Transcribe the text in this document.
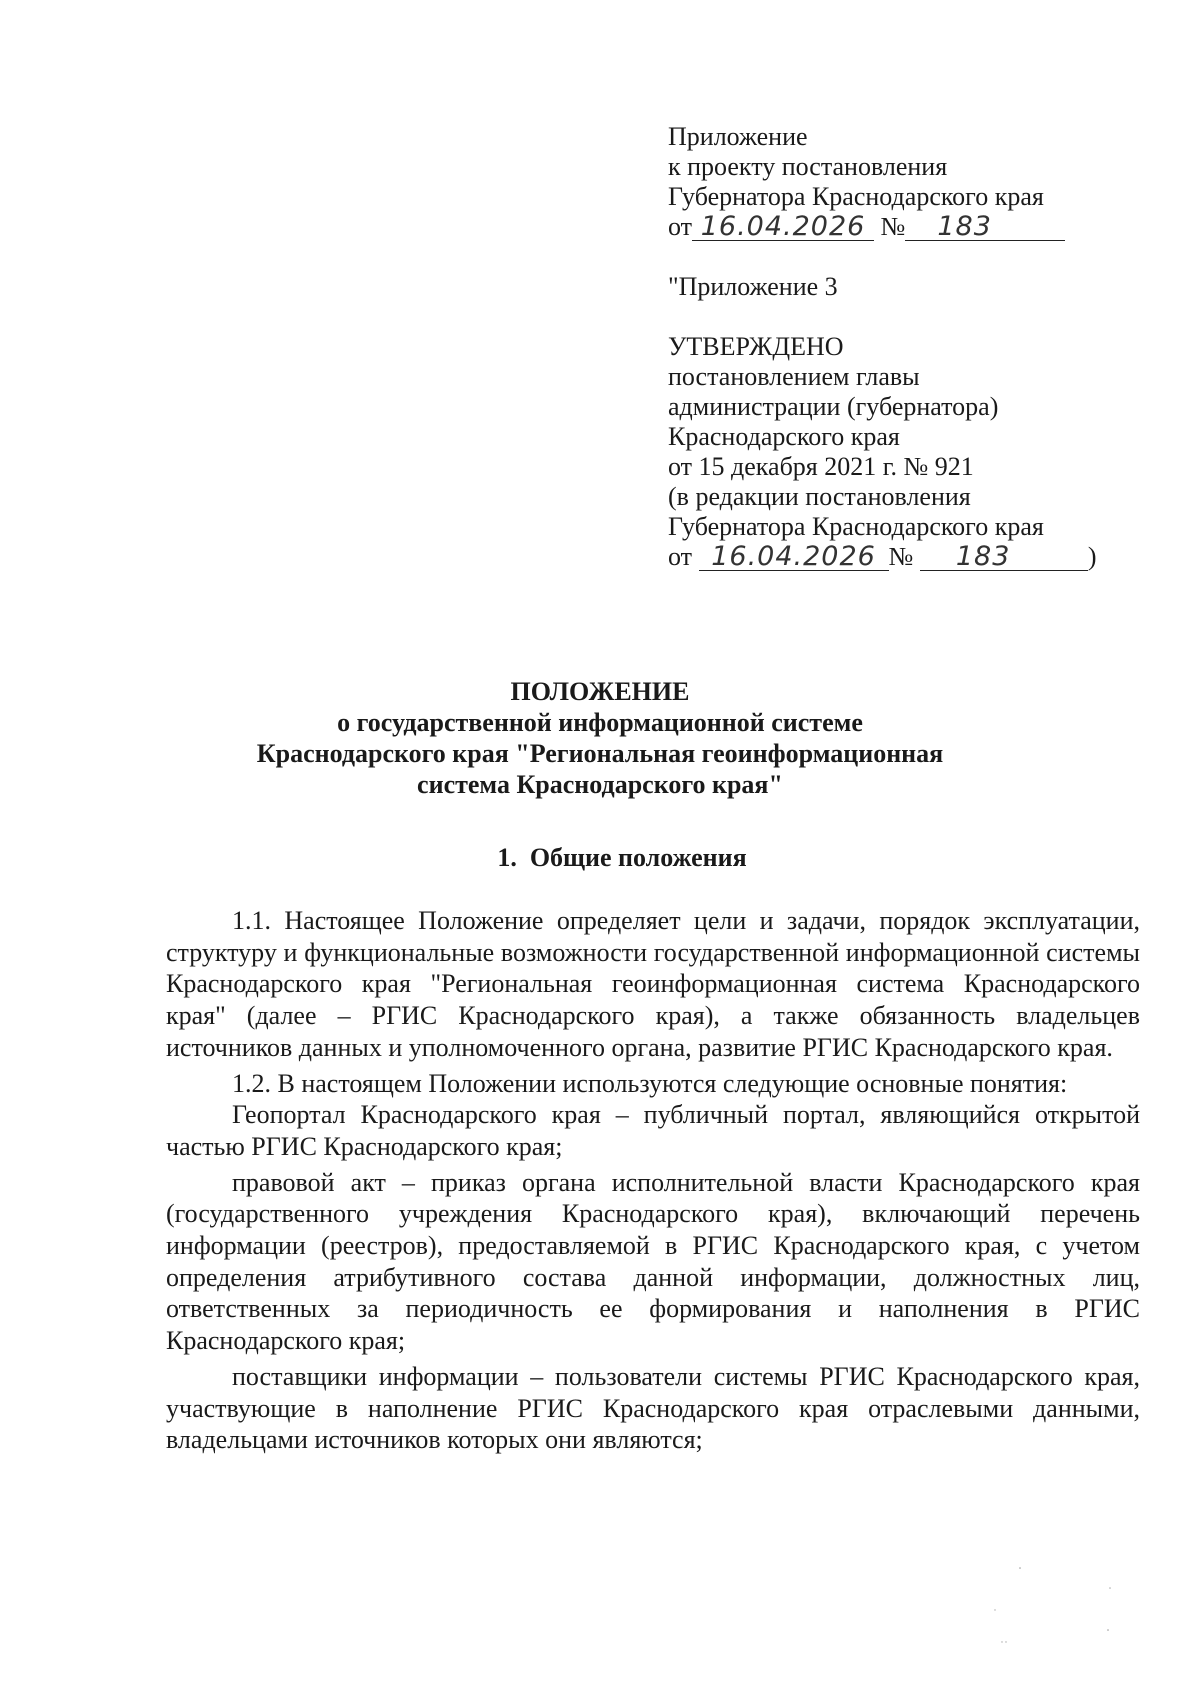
Приложение
к проекту постановления
Губернатора Краснодарского края
от 16.04.2026 № 183
"Приложение 3
УТВЕРЖДЕНО
постановлением главы
администрации (губернатора)
Краснодарского края
от 15 декабря 2021 г. № 921
(в редакции постановления
Губернатора Краснодарского края
от 16.04.2026 № 183	)
ПОЛОЖЕНИЕ
о государственной информационной системе
Краснодарского края "Региональная геоинформационная
система Краснодарского края"
1. Общие положения

1.1. Настоящее Положение определяет цели и задачи, порядок эксплуатации, структуру и функциональные возможности государственной информационной системы Краснодарского края "Региональная геоинформационная система Краснодарского края" (далее – РГИС Краснодарского края), а также обязанность владельцев источников данных и уполномоченного органа, развитие РГИС Краснодарского края.

1.2. В настоящем Положении используются следующие основные понятия:

Геопортал Краснодарского края – публичный портал, являющийся открытой частью РГИС Краснодарского края;

правовой акт – приказ органа исполнительной власти Краснодарского края (государственного учреждения Краснодарского края), включающий перечень информации (реестров), предоставляемой в РГИС Краснодарского края, с учетом определения атрибутивного состава данной информации, должностных лиц, ответственных за периодичность ее формирования и наполнения в РГИС Краснодарского края;

поставщики информации – пользователи системы РГИС Краснодарского края, участвующие в наполнение РГИС Краснодарского края отраслевыми данными, владельцами источников которых они являются;
